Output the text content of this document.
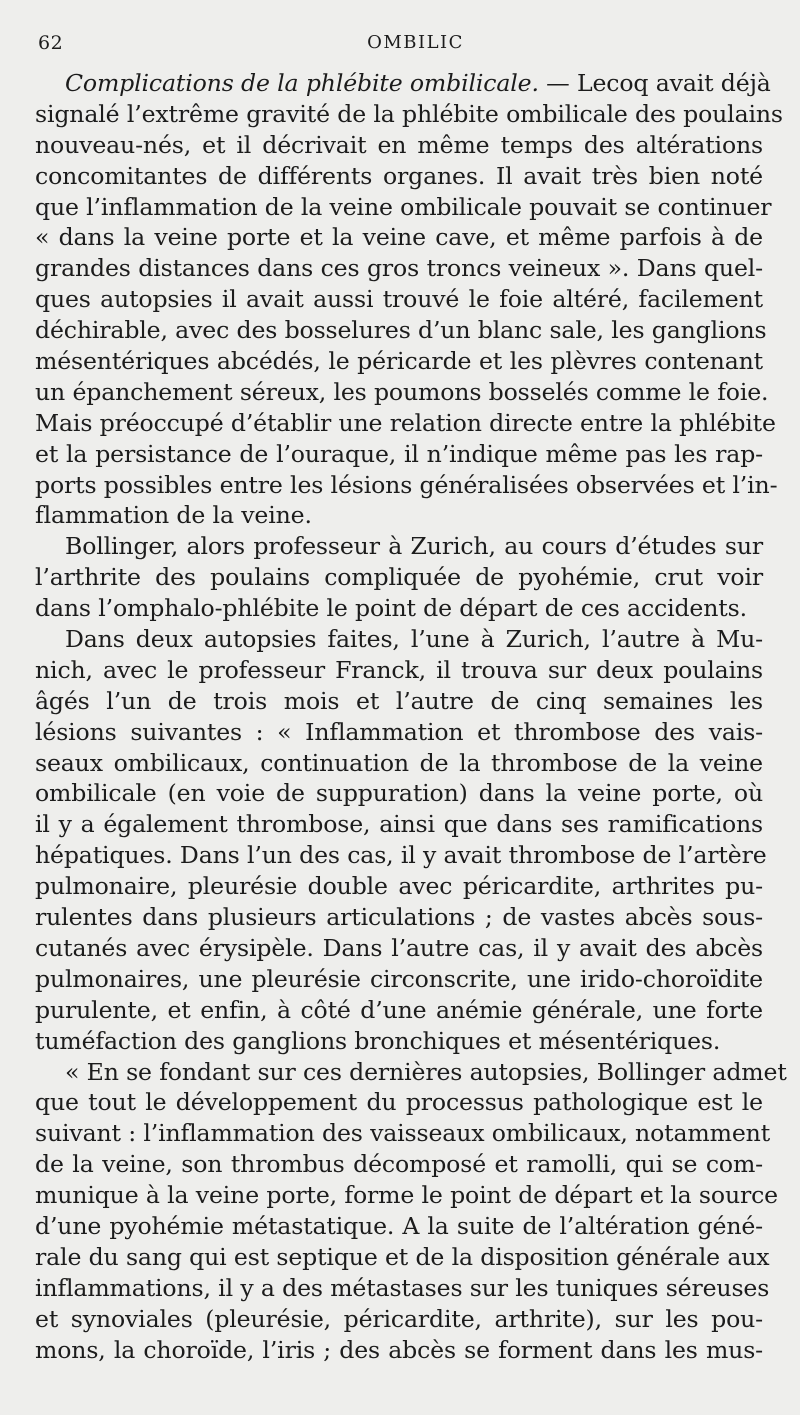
62	OMBILIC
Complications de la phlébite ombilicale. — Lecoq avait déjà
signalé l’extrême gravité de la phlébite ombilicale des poulains
nouveau-nés, et il décrivait en même temps des altérations
concomitantes de différents organes. Il avait très bien noté
que l’inflammation de la veine ombilicale pouvait se continuer
« dans la veine porte et la veine cave, et même parfois à de
grandes distances dans ces gros troncs veineux ». Dans quel-
ques autopsies il avait aussi trouvé le foie altéré, facilement
déchirable, avec des bosselures d’un blanc sale, les ganglions
mésentériques abcédés, le péricarde et les plèvres contenant
un épanchement séreux, les poumons bosselés comme le foie.
Mais préoccupé d’établir une relation directe entre la phlébite
et la persistance de l’ouraque, il n’indique même pas les rap-
ports possibles entre les lésions généralisées observées et l’in-
flammation de la veine.
Bollinger, alors professeur à Zurich, au cours d’études sur
l’arthrite des poulains compliquée de pyohémie, crut voir
dans l’omphalo-phlébite le point de départ de ces accidents.
Dans deux autopsies faites, l’une à Zurich, l’autre à Mu-
nich, avec le professeur Franck, il trouva sur deux poulains
âgés l’un de trois mois et l’autre de cinq semaines les
lésions suivantes : « Inflammation et thrombose des vais-
seaux ombilicaux, continuation de la thrombose de la veine
ombilicale (en voie de suppuration) dans la veine porte, où
il y a également thrombose, ainsi que dans ses ramifications
hépatiques. Dans l’un des cas, il y avait thrombose de l’artère
pulmonaire, pleurésie double avec péricardite, arthrites pu-
rulentes dans plusieurs articulations ; de vastes abcès sous-
cutanés avec érysipèle. Dans l’autre cas, il y avait des abcès
pulmonaires, une pleurésie circonscrite, une irido-choroïdite
purulente, et enfin, à côté d’une anémie générale, une forte
tuméfaction des ganglions bronchiques et mésentériques.
« En se fondant sur ces dernières autopsies, Bollinger admet
que tout le développement du processus pathologique est le
suivant : l’inflammation des vaisseaux ombilicaux, notamment
de la veine, son thrombus décomposé et ramolli, qui se com-
munique à la veine porte, forme le point de départ et la source
d’une pyohémie métastatique. A la suite de l’altération géné-
rale du sang qui est septique et de la disposition générale aux
inflammations, il y a des métastases sur les tuniques séreuses
et synoviales (pleurésie, péricardite, arthrite), sur les pou-
mons, la choroïde, l’iris ; des abcès se forment dans les mus-
